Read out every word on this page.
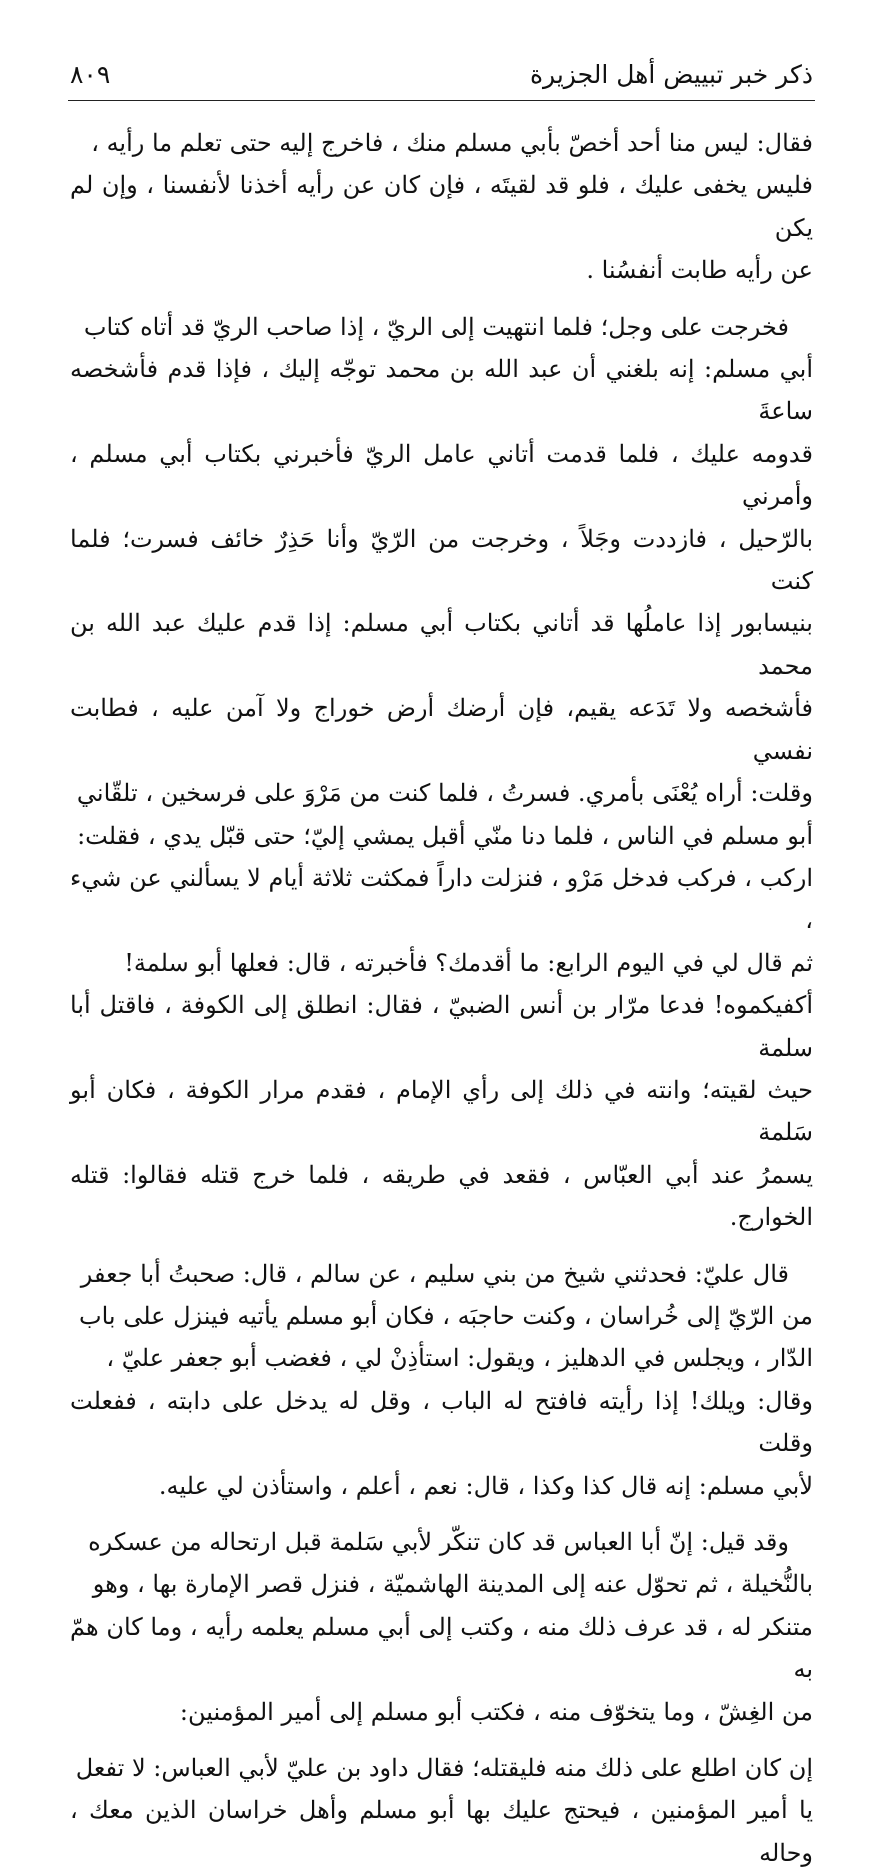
ذكر خبر تبييض أهل الجزيرة
٨٠٩
فقال: ليس منا أحد أخصّ بأبي مسلم منك ، فاخرج إليه حتى تعلم ما رأيه ،
فليس يخفى عليك ، فلو قد لقيتَه ، فإن كان عن رأيه أخذنا لأنفسنا ، وإن لم يكن
عن رأيه طابت أنفسُنا .
فخرجت على وجل؛ فلما انتهيت إلى الريّ ، إذا صاحب الريّ قد أتاه كتاب
أبي مسلم: إنه بلغني أن عبد الله بن محمد توجّه إليك ، فإذا قدم فأشخصه ساعةَ
قدومه عليك ، فلما قدمت أتاني عامل الريّ فأخبرني بكتاب أبي مسلم ، وأمرني
بالرّحيل ، فازددت وجَلاً ، وخرجت من الرّيّ وأنا حَذِرٌ خائف فسرت؛ فلما كنت
بنيسابور إذا عاملُها قد أتاني بكتاب أبي مسلم: إذا قدم عليك عبد الله بن محمد
فأشخصه ولا تَدَعه يقيم، فإن أرضك أرض خوراج ولا آمن عليه ، فطابت نفسي
وقلت: أراه يُعْنَى بأمري. فسرتُ ، فلما كنت من مَرْوَ على فرسخين ، تلقّاني
أبو مسلم في الناس ، فلما دنا منّي أقبل يمشي إليّ؛ حتى قبّل يدي ، فقلت:
اركب ، فركب فدخل مَرْو ، فنزلت داراً فمكثت ثلاثة أيام لا يسألني عن شيء ،
ثم قال لي في اليوم الرابع: ما أقدمك؟ فأخبرته ، قال: فعلها أبو سلمة!
أكفيكموه! فدعا مرّار بن أنس الضبيّ ، فقال: انطلق إلى الكوفة ، فاقتل أبا سلمة
حيث لقيته؛ وانته في ذلك إلى رأي الإمام ، فقدم مرار الكوفة ، فكان أبو سَلمة
يسمرُ عند أبي العبّاس ، فقعد في طريقه ، فلما خرج قتله فقالوا: قتله الخوارج.
قال عليّ: فحدثني شيخ من بني سليم ، عن سالم ، قال: صحبتُ أبا جعفر
من الرّيّ إلى خُراسان ، وكنت حاجبَه ، فكان أبو مسلم يأتيه فينزل على باب
الدّار ، ويجلس في الدهليز ، ويقول: استأذِنْ لي ، فغضب أبو جعفر عليّ ،
وقال: ويلك! إذا رأيته فافتح له الباب ، وقل له يدخل على دابته ، ففعلت وقلت
لأبي مسلم: إنه قال كذا وكذا ، قال: نعم ، أعلم ، واستأذن لي عليه.
وقد قيل: إنّ أبا العباس قد كان تنكّر لأبي سَلمة قبل ارتحاله من عسكره
بالنُّخيلة ، ثم تحوّل عنه إلى المدينة الهاشميّة ، فنزل قصر الإمارة بها ، وهو
متنكر له ، قد عرف ذلك منه ، وكتب إلى أبي مسلم يعلمه رأيه ، وما كان همّ به
من الغِشّ ، وما يتخوّف منه ، فكتب أبو مسلم إلى أمير المؤمنين:
إن كان اطلع على ذلك منه فليقتله؛ فقال داود بن عليّ لأبي العباس: لا تفعل
يا أمير المؤمنين ، فيحتج عليك بها أبو مسلم وأهل خراسان الذين معك ، وحاله
